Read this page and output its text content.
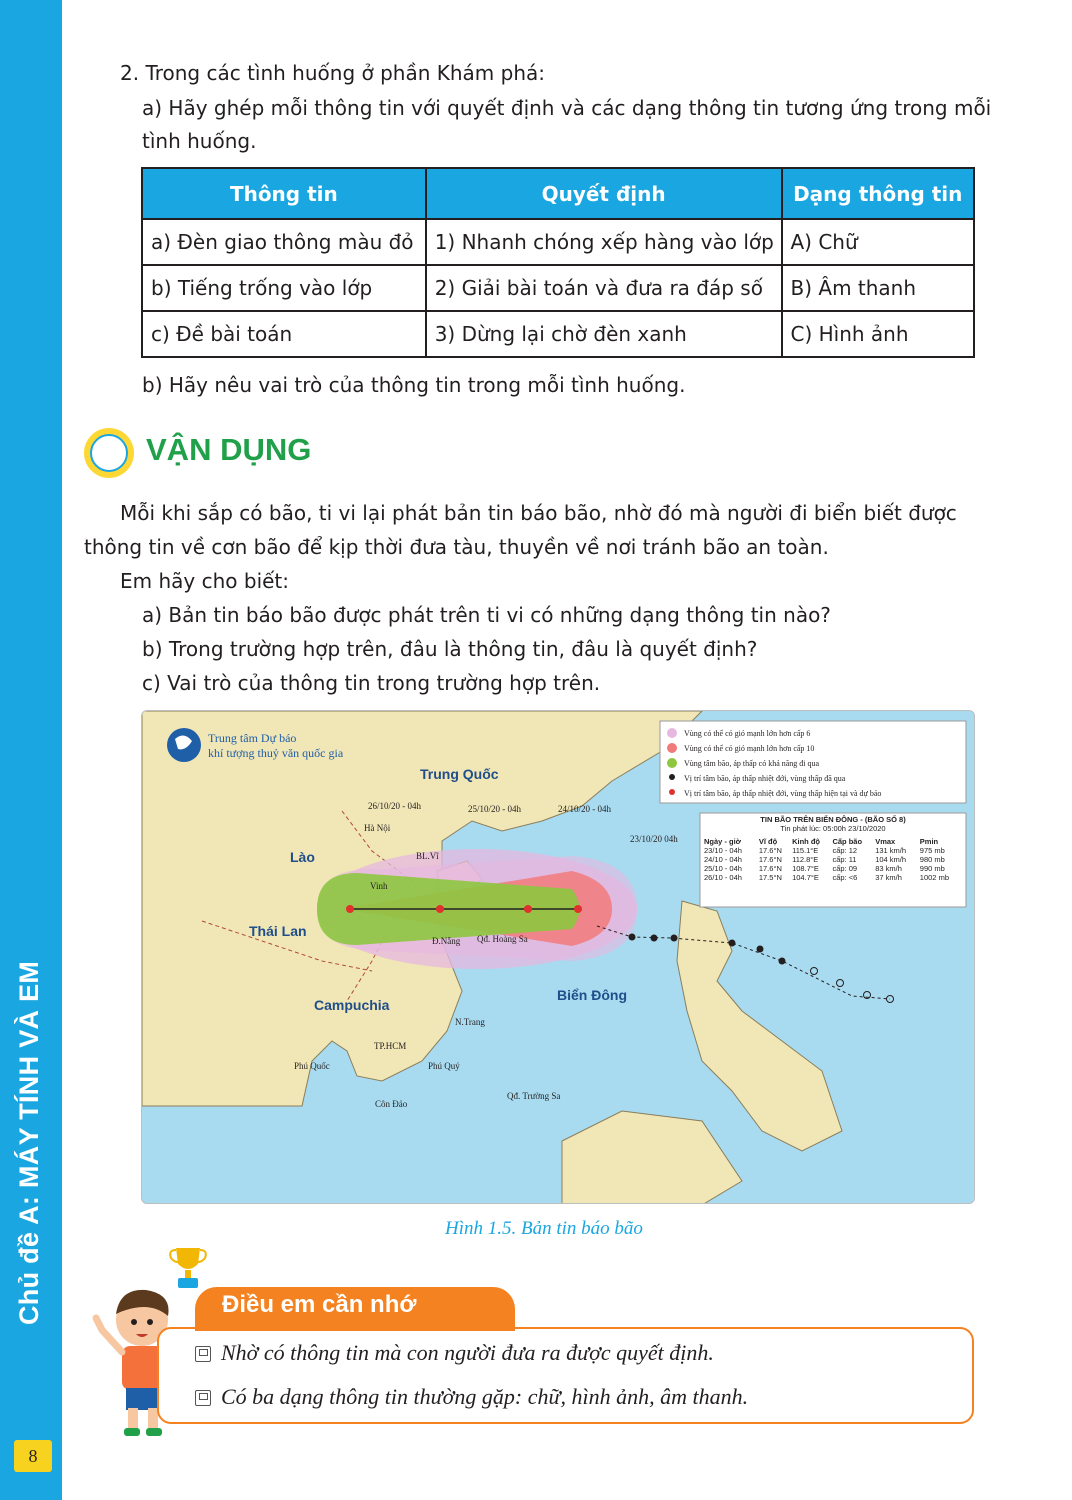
Chủ đề A: MÁY TÍNH VÀ EM
8
2. Trong các tình huống ở phần Khám phá:
a) Hãy ghép mỗi thông tin với quyết định và các dạng thông tin tương ứng trong mỗi
tình huống.
Thông tin	Quyết định	Dạng thông tin
a) Đèn giao thông màu đỏ	1) Nhanh chóng xếp hàng vào lớp	A) Chữ
b) Tiếng trống vào lớp	2) Giải bài toán và đưa ra đáp số	B) Âm thanh
c) Đề bài toán	3) Dừng lại chờ đèn xanh	C) Hình ảnh
b) Hãy nêu vai trò của thông tin trong mỗi tình huống.
VẬN DỤNG
Mỗi khi sắp có bão, ti vi lại phát bản tin báo bão, nhờ đó mà người đi biển biết được
thông tin về cơn bão để kịp thời đưa tàu, thuyền về nơi tránh bão an toàn.
Em hãy cho biết:
a) Bản tin báo bão được phát trên ti vi có những dạng thông tin nào?
b) Trong trường hợp trên, đâu là thông tin, đâu là quyết định?
c) Vai trò của thông tin trong trường hợp trên.
Trung tâm Dự báo
khí tượng thuỷ văn quốc gia
Trung Quốc
Lào
Thái Lan
Campuchia
Biển Đông
Qđ. Hoàng Sa
Qđ. Trường Sa
Phú Quốc
Côn Đảo
Phú Quý
N.Trang
TP.HCM
Hà Nội
BL.Vĩ
Vinh
Đ.Nẵng
26/10/20 - 04h	25/10/20 - 04h	24/10/20 - 04h
23/10/20 04h
Vùng có thể có gió mạnh lớn hơn cấp 6
Vùng có thể có gió mạnh lớn hơn cấp 10
Vùng tâm bão, áp thấp có khả năng đi qua
Vị trí tâm bão, áp thấp nhiệt đới, vùng thấp đã qua
Vị trí tâm bão, áp thấp nhiệt đới, vùng thấp hiện tại và dự báo
TIN BÃO TRÊN BIỂN ĐÔNG - (BÃO SỐ 8)
Tin phát lúc: 05:00h 23/10/2020
Ngày - giờ	Vĩ độ	Kinh độ	Cấp bão	Vmax	Pmin
23/10 - 04h	17.6°N	115.1°E	cấp: 12	131 km/h	975 mb
24/10 - 04h	17.6°N	112.8°E	cấp: 11	104 km/h	980 mb
25/10 - 04h	17.6°N	108.7°E	cấp: 09	83 km/h	990 mb
26/10 - 04h	17.5°N	104.7°E	cấp: <6	37 km/h	1002 mb
Hình 1.5. Bản tin báo bão
Điều em cần nhớ
Nhờ có thông tin mà con người đưa ra được quyết định.
Có ba dạng thông tin thường gặp: chữ, hình ảnh, âm thanh.
